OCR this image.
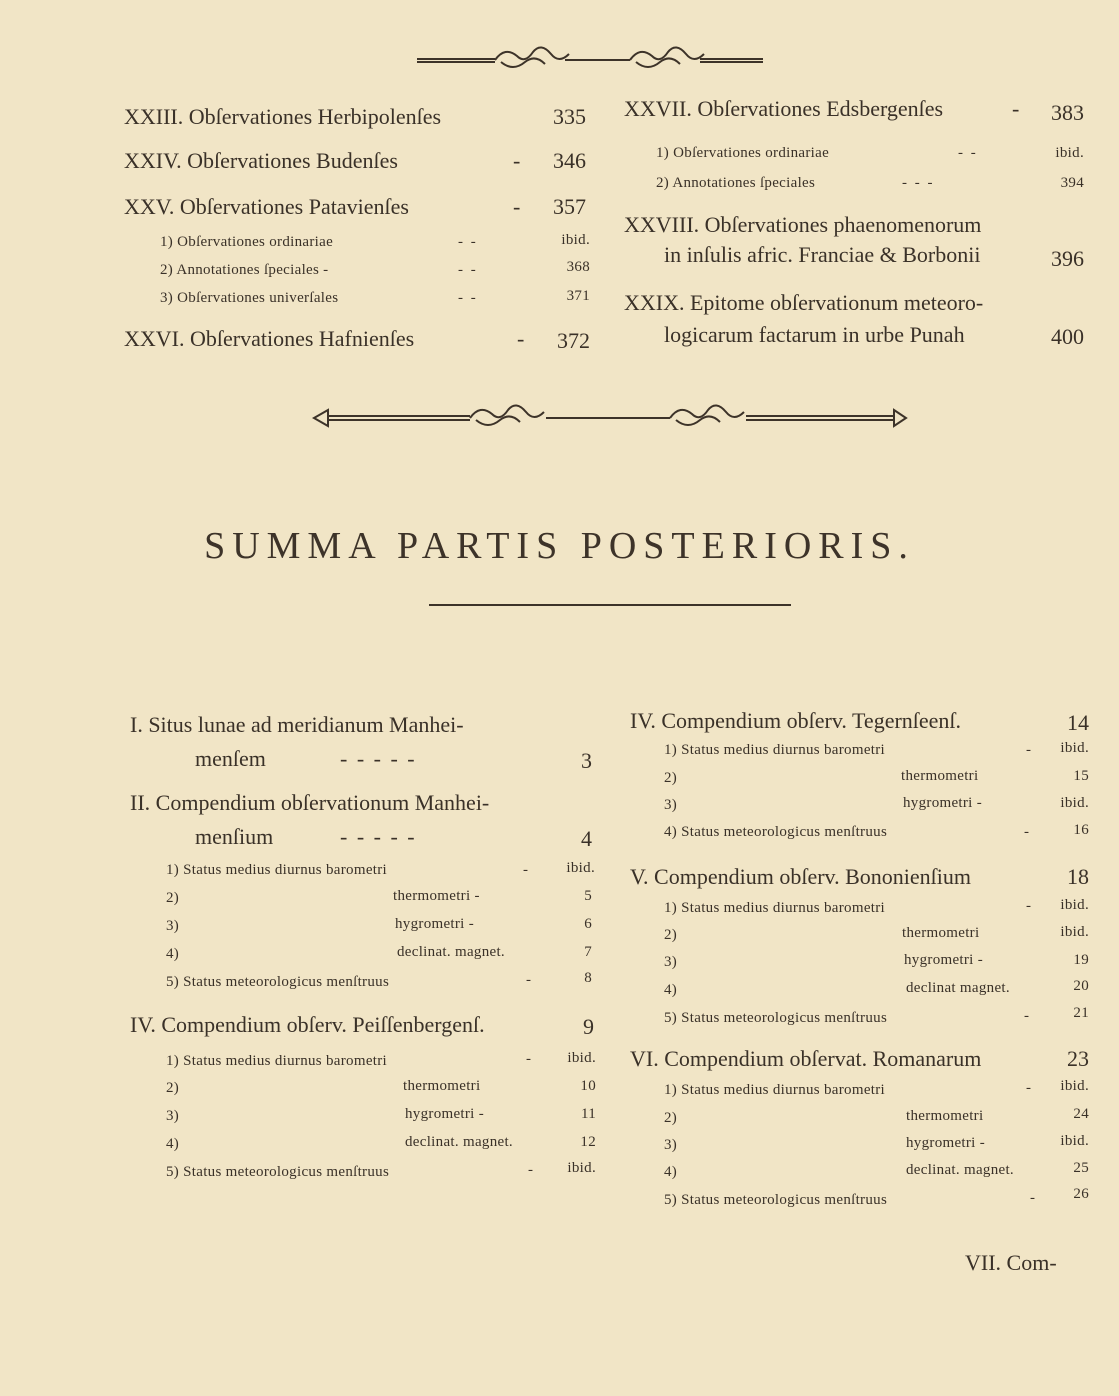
XXIII. Obſervationes Herbipolenſes	335
XXIV. Obſervationes Budenſes	- 346
XXV. Obſervationes Patavienſes	- 357
1) Obſervationes ordinariae	- -	ibid.
2) Annotationes ſpeciales -	- -	368
3) Obſervationes univerſales	- -	371
XXVI. Obſervationes Hafnienſes	- 372
XXVII. Obſervationes Edsbergenſes	- 383
1) Obſervationes ordinariae	- -	ibid.
2) Annotationes ſpeciales	- - -	394
XXVIII. Obſervationes phaenomenorum
in inſulis afric. Franciae & Borbonii	396
XXIX. Epitome obſervationum meteoro-
logicarum factarum in urbe Punah	400
SUMMA PARTIS POSTERIORIS.
I. Situs lunae ad meridianum Manhei-
menſem	- - - - -	3
II. Compendium obſervationum Manhei-
menſium	- - - - -	4
1) Status medius diurnus barometri	- ibid.
2)	thermometri -	5
3)	hygrometri -	6
4)	declinat. magnet.	7
5) Status meteorologicus menſtruus	-	8
IV. Compendium obſerv. Peiſſenbergenſ.	9
1) Status medius diurnus barometri	- ibid.
2)	thermometri	10
3)	hygrometri -	11
4)	declinat. magnet.	12
5) Status meteorologicus menſtruus	- ibid.
IV. Compendium obſerv. Tegernſeenſ.	14
1) Status medius diurnus barometri	- ibid.
2)	thermometri	15
3)	hygrometri -	ibid.
4) Status meteorologicus menſtruus	-	16
V. Compendium obſerv. Bononienſium	18
1) Status medius diurnus barometri	- ibid.
2)	thermometri	ibid.
3)	hygrometri -	19
4)	declinat magnet.	20
5) Status meteorologicus menſtruus	-	21
VI. Compendium obſervat. Romanarum	23
1) Status medius diurnus barometri	- ibid.
2)	thermometri	24
3)	hygrometri -	ibid.
4)	declinat. magnet.	25
5) Status meteorologicus menſtruus	- 26
VII. Com-
